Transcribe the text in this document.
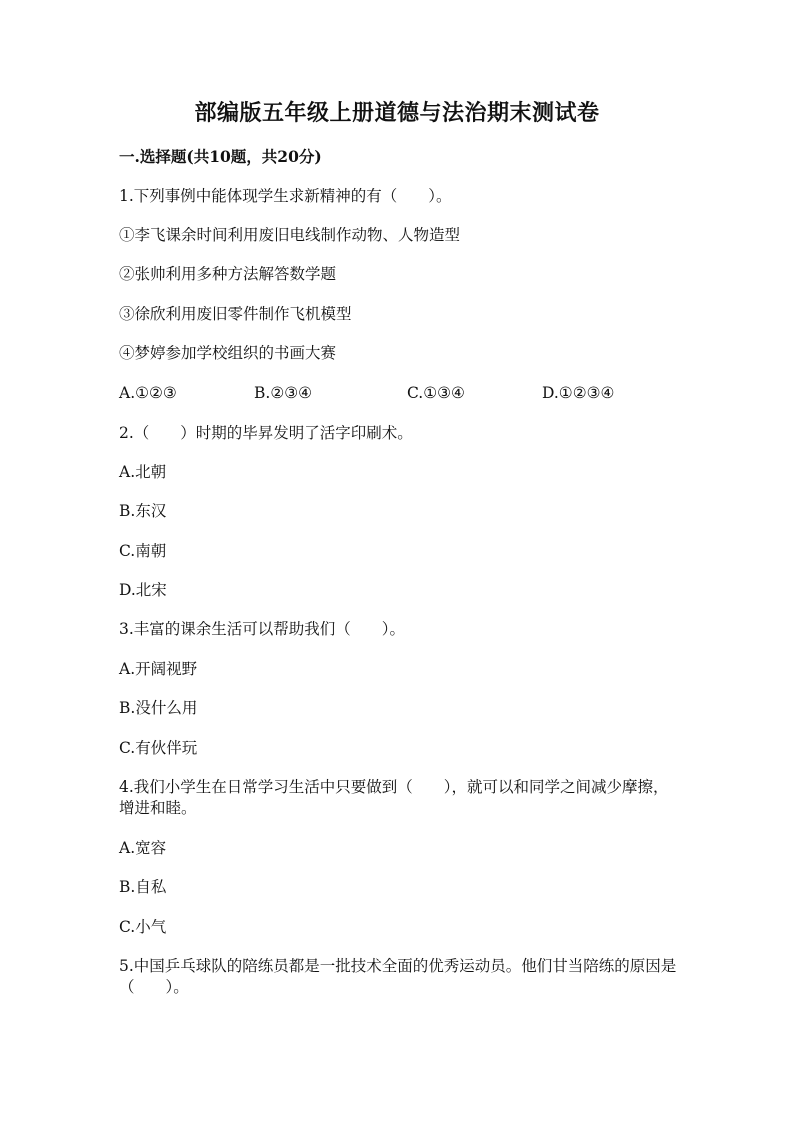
部编版五年级上册道德与法治期末测试卷
一.选择题(共10题，共20分)
1.下列事例中能体现学生求新精神的有（　　）。
①李飞课余时间利用废旧电线制作动物、人物造型
②张帅利用多种方法解答数学题
③徐欣利用废旧零件制作飞机模型
④梦婷参加学校组织的书画大赛
A.①②③	B.②③④	C.①③④	D.①②③④
2.（　　）时期的毕昇发明了活字印刷术。
A.北朝
B.东汉
C.南朝
D.北宋
3.丰富的课余生活可以帮助我们（　　）。
A.开阔视野
B.没什么用
C.有伙伴玩
4.我们小学生在日常学习生活中只要做到（　　），就可以和同学之间减少摩擦，增进和睦。
A.宽容
B.自私
C.小气
5.中国乒乓球队的陪练员都是一批技术全面的优秀运动员。他们甘当陪练的原因是（　　）。
